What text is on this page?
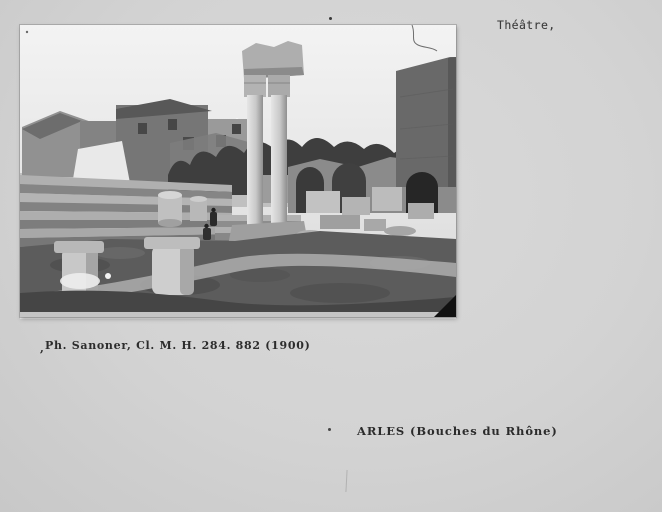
Théâtre,
, Ph. Sanoner, Cl. M. H. 284. 882 (1900)
ARLES (Bouches du Rhône)
